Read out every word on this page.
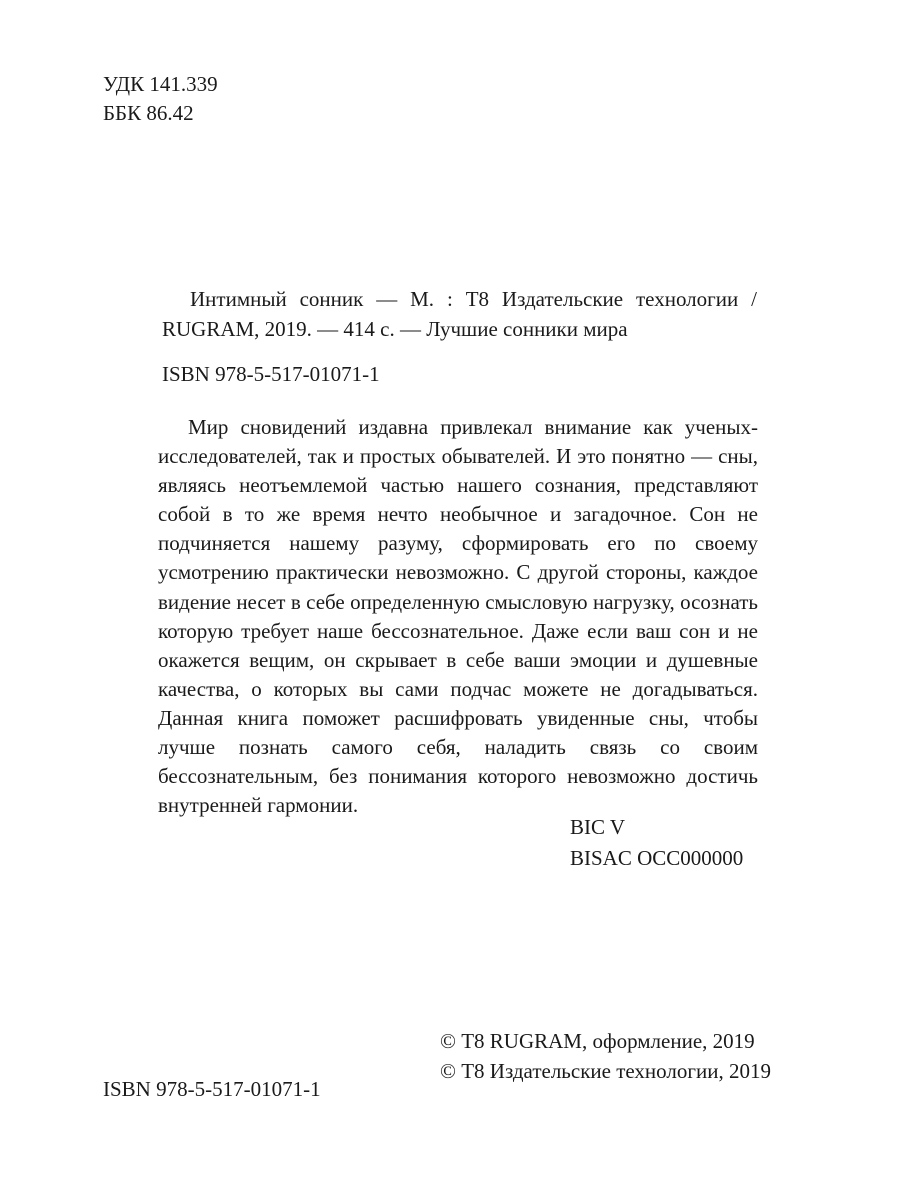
УДК 141.339
ББК 86.42
Интимный сонник — М. : Т8 Издательские технологии / RUGRAM, 2019. — 414 с. — Лучшие сонники мира
ISBN 978-5-517-01071-1
Мир сновидений издавна привлекал внимание как ученых-исследователей, так и простых обывателей. И это понятно — сны, являясь неотъемлемой частью нашего сознания, представляют собой в то же время нечто необычное и загадочное. Сон не подчиняется нашему разуму, сформировать его по своему усмотрению практически невозможно. С другой стороны, каждое видение несет в себе определенную смысловую нагрузку, осознать которую требует наше бессознательное. Даже если ваш сон и не окажется вещим, он скрывает в себе ваши эмоции и душевные качества, о которых вы сами подчас можете не догадываться. Данная книга поможет расшифровать увиденные сны, чтобы лучше познать самого себя, наладить связь со своим бессознательным, без понимания которого невозможно достичь внутренней гармонии.
BIC V
BISAC OCC000000
ISBN 978-5-517-01071-1
© Т8 RUGRAM, оформление, 2019
© Т8 Издательские технологии, 2019
